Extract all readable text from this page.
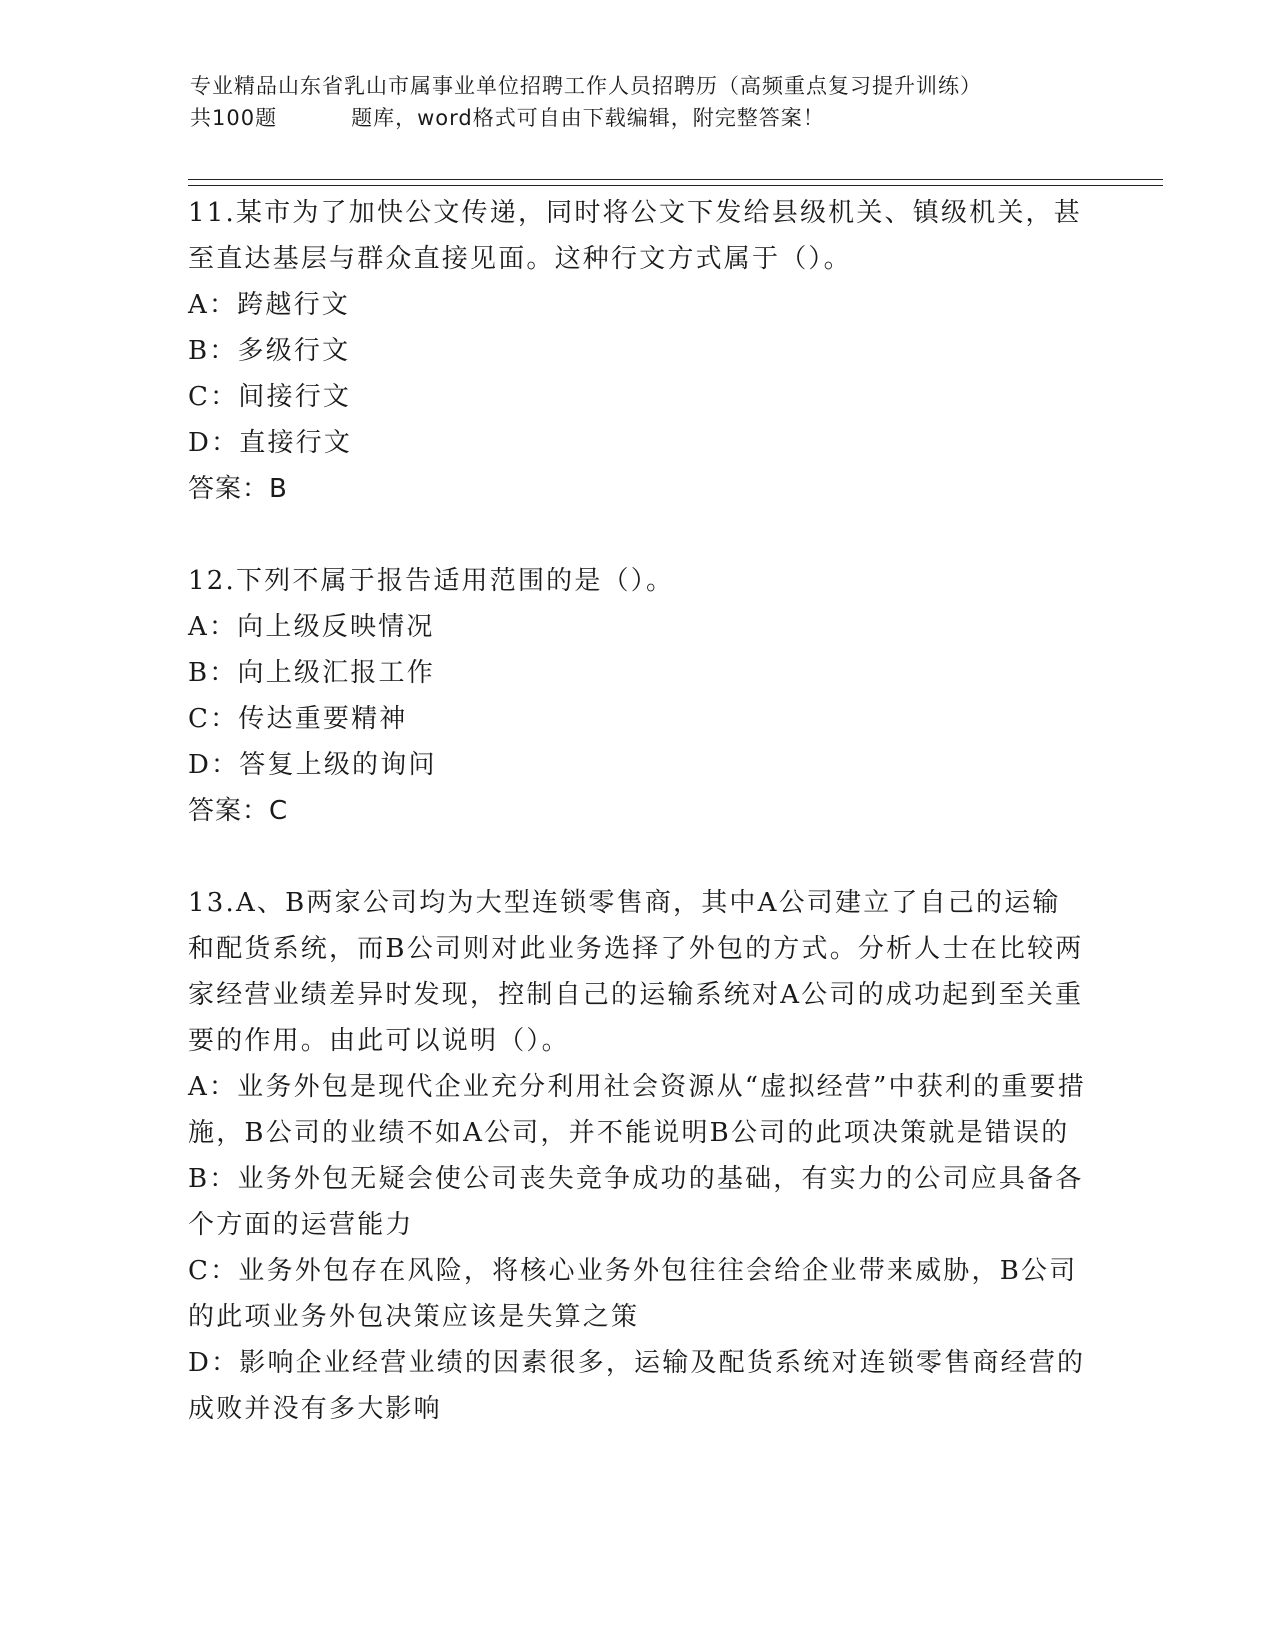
专业精品山东省乳山市属事业单位招聘工作人员招聘历（高频重点复习提升训练）
共100题	题库，word格式可自由下载编辑，附完整答案！

11.某市为了加快公文传递，同时将公文下发给县级机关、镇级机关，甚至直达基层与群众直接见面。这种行文方式属于（）。

A：跨越行文

B：多级行文

C：间接行文

D：直接行文

答案：B

12.下列不属于报告适用范围的是（）。

A：向上级反映情况

B：向上级汇报工作

C：传达重要精神

D：答复上级的询问

答案：C

13.A、B两家公司均为大型连锁零售商，其中A公司建立了自己的运输和配货系统，而B公司则对此业务选择了外包的方式。分析人士在比较两家经营业绩差异时发现，控制自己的运输系统对A公司的成功起到至关重要的作用。由此可以说明（）。

A：业务外包是现代企业充分利用社会资源从“虚拟经营”中获利的重要措施，B公司的业绩不如A公司，并不能说明B公司的此项决策就是错误的

B：业务外包无疑会使公司丧失竞争成功的基础，有实力的公司应具备各个方面的运营能力

C：业务外包存在风险，将核心业务外包往往会给企业带来威胁，B公司的此项业务外包决策应该是失算之策

D：影响企业经营业绩的因素很多，运输及配货系统对连锁零售商经营的成败并没有多大影响
